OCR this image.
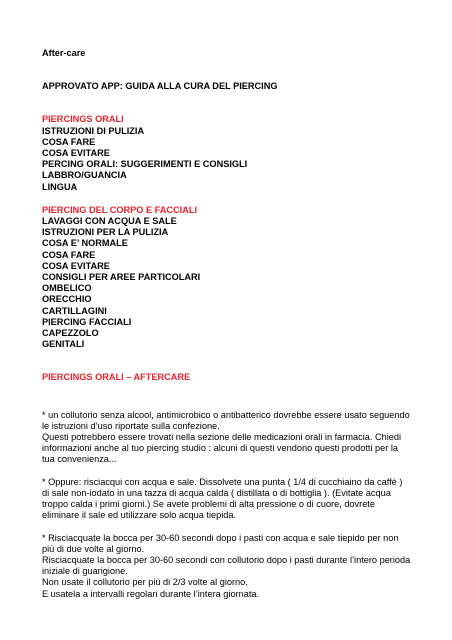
After-care
APPROVATO APP: GUIDA ALLA CURA DEL PIERCING
PIERCINGS ORALI
ISTRUZIONI DI PULIZIA
COSA FARE
COSA EVITARE
PERCING ORALI: SUGGERIMENTI E CONSIGLI
LABBRO/GUANCIA
LINGUA
PIERCING DEL CORPO E FACCIALI
LAVAGGI CON ACQUA E SALE
ISTRUZIONI PER LA PULIZIA
COSA E’ NORMALE
COSA FARE
COSA EVITARE
CONSIGLI PER AREE PARTICOLARI
OMBELICO
ORECCHIO
CARTILLAGINI
PIERCING FACCIALI
CAPEZZOLO
GENITALI
PIERCINGS ORALI – AFTERCARE

* un collutorio senza alcool, antimicrobico o antibatterico dovrebbe essere usato seguendo
le istruzioni d’uso riportate sulla confezione.
Questi potrebbero essere trovati nella sezione delle medicazioni orali in farmacia. Chiedi
informazioni anche al tuo piercing studio : alcuni di questi vendono questi prodotti per la
tua convenienza...

* Oppure: risciacqui con acqua e sale. Dissolvete una punta ( 1/4 di cucchiaino da caffè )
di sale non-iodato in una tazza di acqua calda ( distillata o di bottiglia ). (Evitate acqua
troppo calda i primi giorni.) Se avete problemi di alta pressione o di cuore, dovrete
eliminare il sale ed utilizzare solo acqua tiepida.

* Risciacquate la bocca per 30-60 secondi dopo i pasti con acqua e sale tiepido per non
più di due volte al giorno.
Risciacquate la bocca per 30-60 secondi con collutorio dopo i pasti durante l’intero perioda
iniziale di guarigione.
Non usate il collutorio per più di 2/3 volte al giorno.
E usatela a intervalli regolari durante l’intera giornata.
